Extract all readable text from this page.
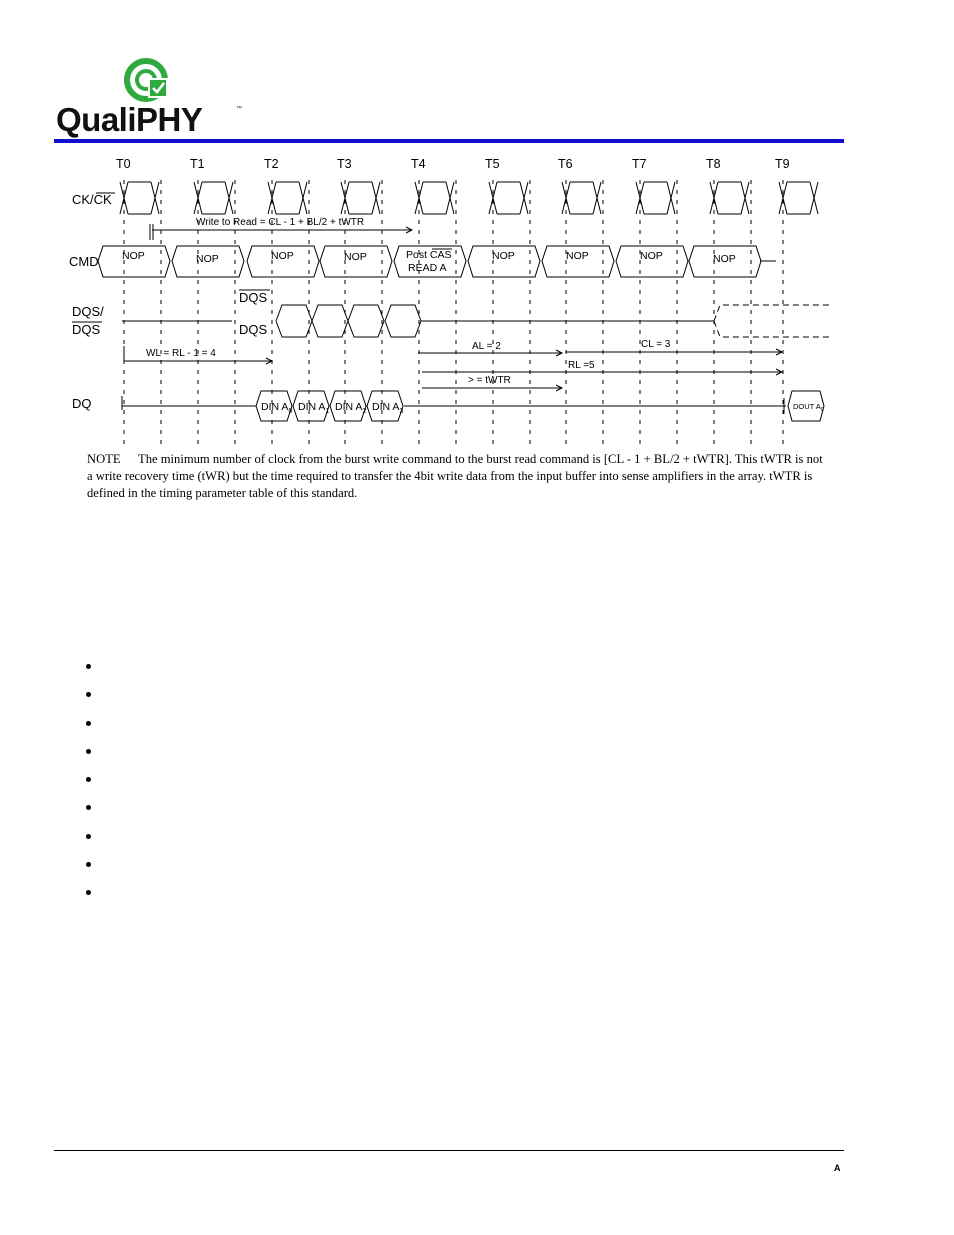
QualiPHY	™
T0	T1	T2	T3	T4	T5	T6	T7	T8	T9
CK/CK
CMD
DQS/
DQS
DQ
Write to Read = CL - 1 + BL/2 + tWTR
NOP	NOP	NOP	NOP	NOP	NOP	NOP	NOP
Post CAS
READ A
DQS
DQS
WL = RL - 1 = 4
AL = 2	CL = 3
RL =5
> = tWTR
DIN $A_0$ DIN $A_1$ DIN $A_2$ DIN $A_3$
DOUT $A_0$
NOTE The minimum number of clock from the burst write command to the burst read command is [CL - 1 + BL/2 + tWTR]. This tWTR is not a write recovery time (tWR) but the time required to transfer the 4bit write data from the input buffer into sense amplifiers in the array. tWTR is defined in the timing parameter table of this standard.
A
